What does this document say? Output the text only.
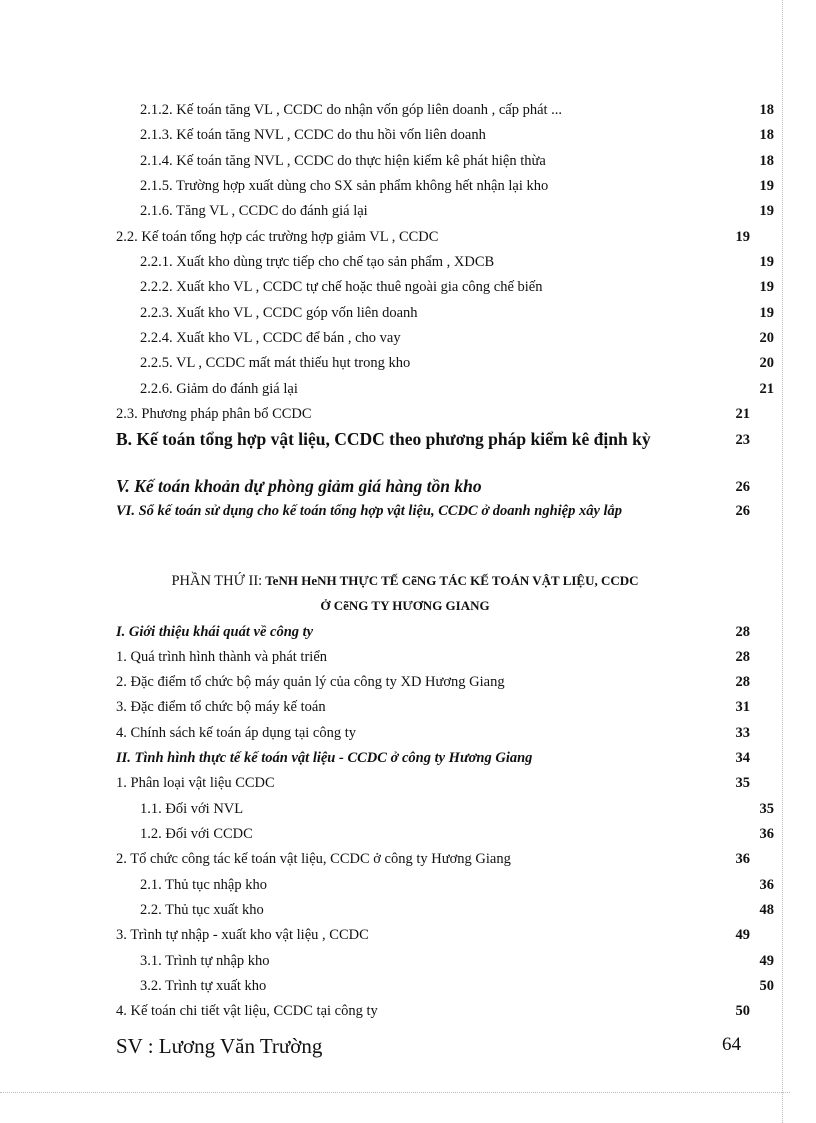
2.1.2. Kế toán tăng VL , CCDC do nhận vốn góp liên doanh , cấp phát ...	18
2.1.3. Kế toán tăng NVL , CCDC do thu hồi vốn liên doanh	18
2.1.4. Kế toán tăng NVL , CCDC do thực hiện kiểm kê phát hiện thừa	18
2.1.5. Trường hợp xuất dùng cho SX sản phẩm không hết nhận lại kho	19
2.1.6. Tăng VL , CCDC do đánh giá lại	19
2.2. Kế toán tổng hợp các trường hợp giảm VL , CCDC	19
2.2.1. Xuất kho dùng trực tiếp cho chế tạo sản phẩm , XDCB	19
2.2.2. Xuất kho VL , CCDC tự chế hoặc thuê ngoài gia công chế biến	19
2.2.3. Xuất kho VL , CCDC góp vốn liên doanh	19
2.2.4. Xuất kho VL , CCDC để bán , cho vay	20
2.2.5. VL , CCDC mất mát thiếu hụt trong kho	20
2.2.6. Giảm do đánh giá lại	21
2.3. Phương pháp phân bổ CCDC	21
B. Kế toán tổng hợp vật liệu, CCDC theo phương pháp kiểm kê định kỳ	23
V. Kế toán khoản dự phòng giảm giá hàng tồn kho	26
VI. Sổ kế toán sử dụng cho kế toán tổng hợp vật liệu, CCDC ở doanh nghiệp xây lắp	26
PHẦN THỨ II: TeNH HeNH THỰC TẾ CẽNG TÁC KẾ TOÁN VẬT LIỆU, CCDC
Ở CẽNG TY HƯƠNG GIANG
I. Giới thiệu khái quát về công ty	28
1. Quá trình hình thành và phát triển	28
2. Đặc điểm tổ chức bộ máy quản lý của công ty XD Hương Giang	28
3. Đặc điểm tổ chức bộ máy kế toán	31
4. Chính sách kế toán áp dụng tại công ty	33
II. Tình hình thực tế kế toán vật liệu - CCDC ở công ty Hương Giang	34
1. Phân loại vật liệu CCDC	35
1.1. Đối với NVL	35
1.2. Đối với CCDC	36
2. Tổ chức công tác kế toán vật liệu, CCDC ở công ty Hương Giang	36
2.1. Thủ tục nhập kho	36
2.2. Thủ tục xuất kho	48
3. Trình tự nhập - xuất kho vật liệu , CCDC	49
3.1. Trình tự nhập kho	49
3.2. Trình tự xuất kho	50
4. Kế toán chi tiết vật liệu, CCDC tại công ty	50
SV : Lương Văn Trường	64
